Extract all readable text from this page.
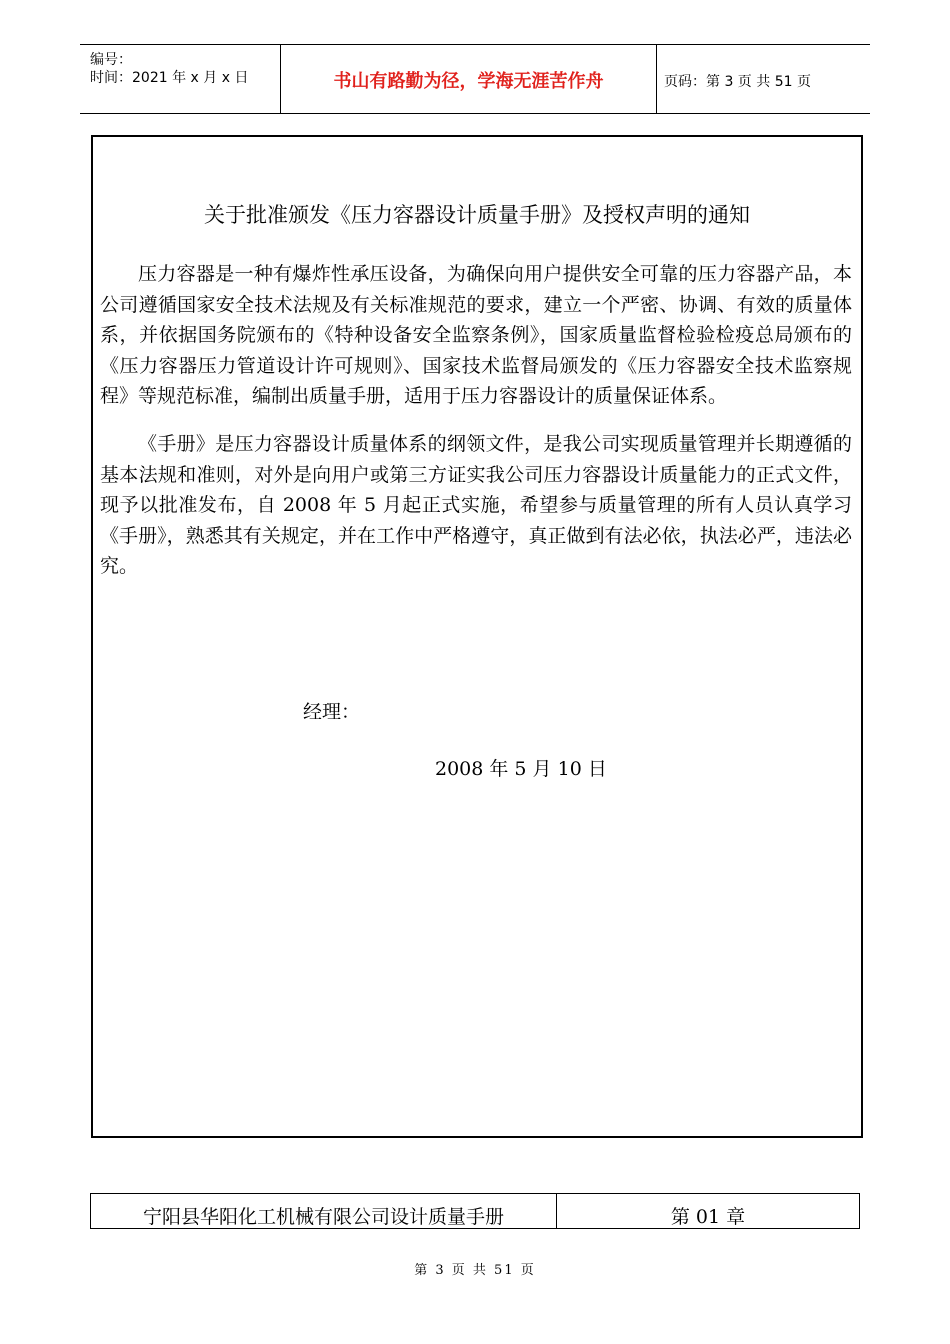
编号：
时间：2021 年 x 月 x 日	书山有路勤为径，学海无涯苦作舟	页码：第 3 页 共 51 页
关于批准颁发《压力容器设计质量手册》及授权声明的通知

压力容器是一种有爆炸性承压设备，为确保向用户提供安全可靠的压力容器产品，本公司遵循国家安全技术法规及有关标准规范的要求，建立一个严密、协调、有效的质量体系，并依据国务院颁布的《特种设备安全监察条例》，国家质量监督检验检疫总局颁布的《压力容器压力管道设计许可规则》、国家技术监督局颁发的《压力容器安全技术监察规程》等规范标准，编制出质量手册，适用于压力容器设计的质量保证体系。

《手册》是压力容器设计质量体系的纲领文件，是我公司实现质量管理并长期遵循的基本法规和准则，对外是向用户或第三方证实我公司压力容器设计质量能力的正式文件，现予以批准发布，自 2008 年 5 月起正式实施，希望参与质量管理的所有人员认真学习《手册》，熟悉其有关规定，并在工作中严格遵守，真正做到有法必依，执法必严，违法必究。

经理：
2008 年 5 月 10 日
宁阳县华阳化工机械有限公司设计质量手册	第 01 章
第 3 页 共 51 页
